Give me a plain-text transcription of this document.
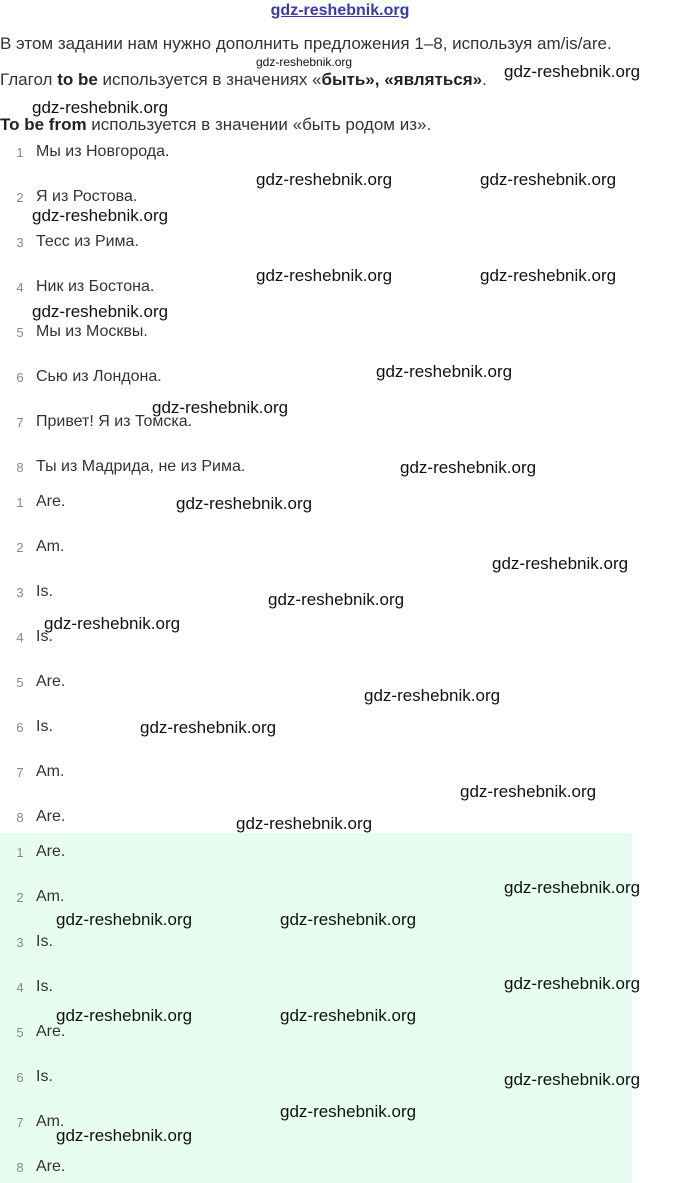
gdz-reshebnik.org
В этом задании нам нужно дополнить предложения 1–8, используя am/is/are.
Глагол to be используется в значениях «быть», «являться».
To be from используется в значении «быть родом из».
1 Мы из Новгорода.
2 Я из Ростова.
3 Тесс из Рима.
4 Ник из Бостона.
5 Мы из Москвы.
6 Сью из Лондона.
7 Привет! Я из Томска.
8 Ты из Мадрида, не из Рима.
1 Are.
2 Am.
3 Is.
4 Is.
5 Are.
6 Is.
7 Am.
8 Are.
1 Are.
2 Am.
3 Is.
4 Is.
5 Are.
6 Is.
7 Am.
8 Are.
gdz-reshebnik.org	gdz-reshebnik.org
gdz-reshebnik.org
gdz-reshebnik.org	gdz-reshebnik.org
gdz-reshebnik.org
gdz-reshebnik.org	gdz-reshebnik.org
gdz-reshebnik.org
gdz-reshebnik.org
gdz-reshebnik.org
gdz-reshebnik.org
gdz-reshebnik.org
gdz-reshebnik.org
gdz-reshebnik.org
gdz-reshebnik.org
gdz-reshebnik.org
gdz-reshebnik.org
gdz-reshebnik.org
gdz-reshebnik.org
gdz-reshebnik.org
gdz-reshebnik.org	gdz-reshebnik.org
gdz-reshebnik.org
gdz-reshebnik.org	gdz-reshebnik.org
gdz-reshebnik.org
gdz-reshebnik.org
gdz-reshebnik.org
